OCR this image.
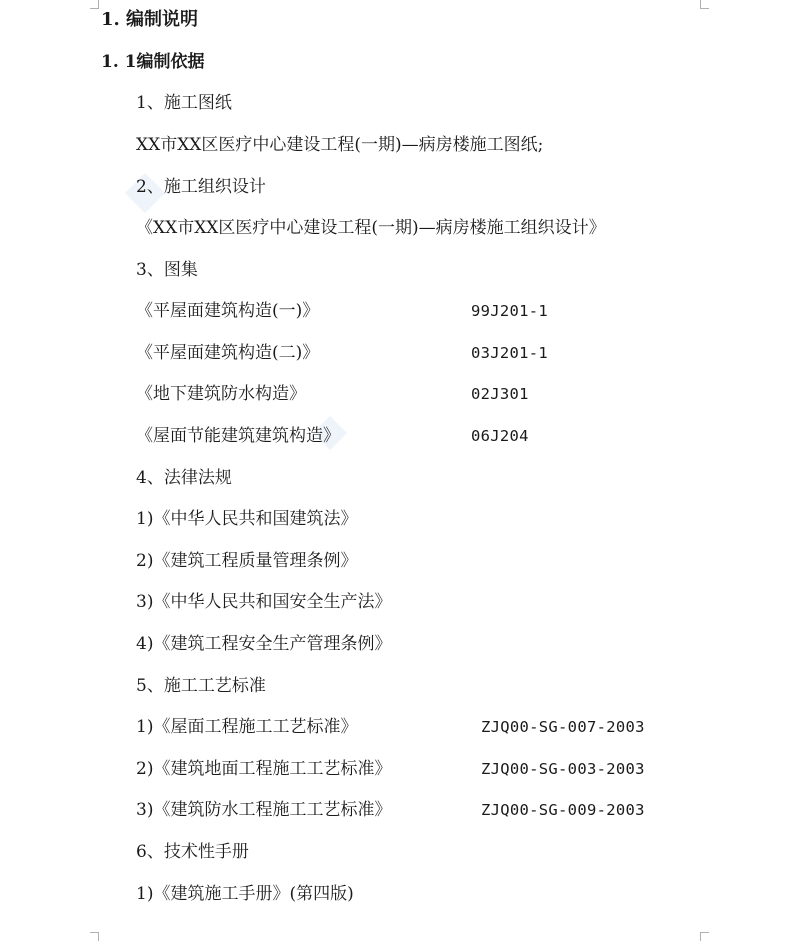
1. 编制说明
1. 1编制依据
1、施工图纸
XX市XX区医疗中心建设工程(一期)—病房楼施工图纸;
2、施工组织设计
《XX市XX区医疗中心建设工程(一期)—病房楼施工组织设计》
3、图集
《平屋面建筑构造(一)》	99J201-1
《平屋面建筑构造(二)》	03J201-1
《地下建筑防水构造》	02J301
《屋面节能建筑建筑构造》	06J204
4、法律法规
1)《中华人民共和国建筑法》
2)《建筑工程质量管理条例》
3)《中华人民共和国安全生产法》
4)《建筑工程安全生产管理条例》
5、施工工艺标准
1)《屋面工程施工工艺标准》	ZJQ00-SG-007-2003
2)《建筑地面工程施工工艺标准》	ZJQ00-SG-003-2003
3)《建筑防水工程施工工艺标准》	ZJQ00-SG-009-2003
6、技术性手册
1)《建筑施工手册》(第四版)
